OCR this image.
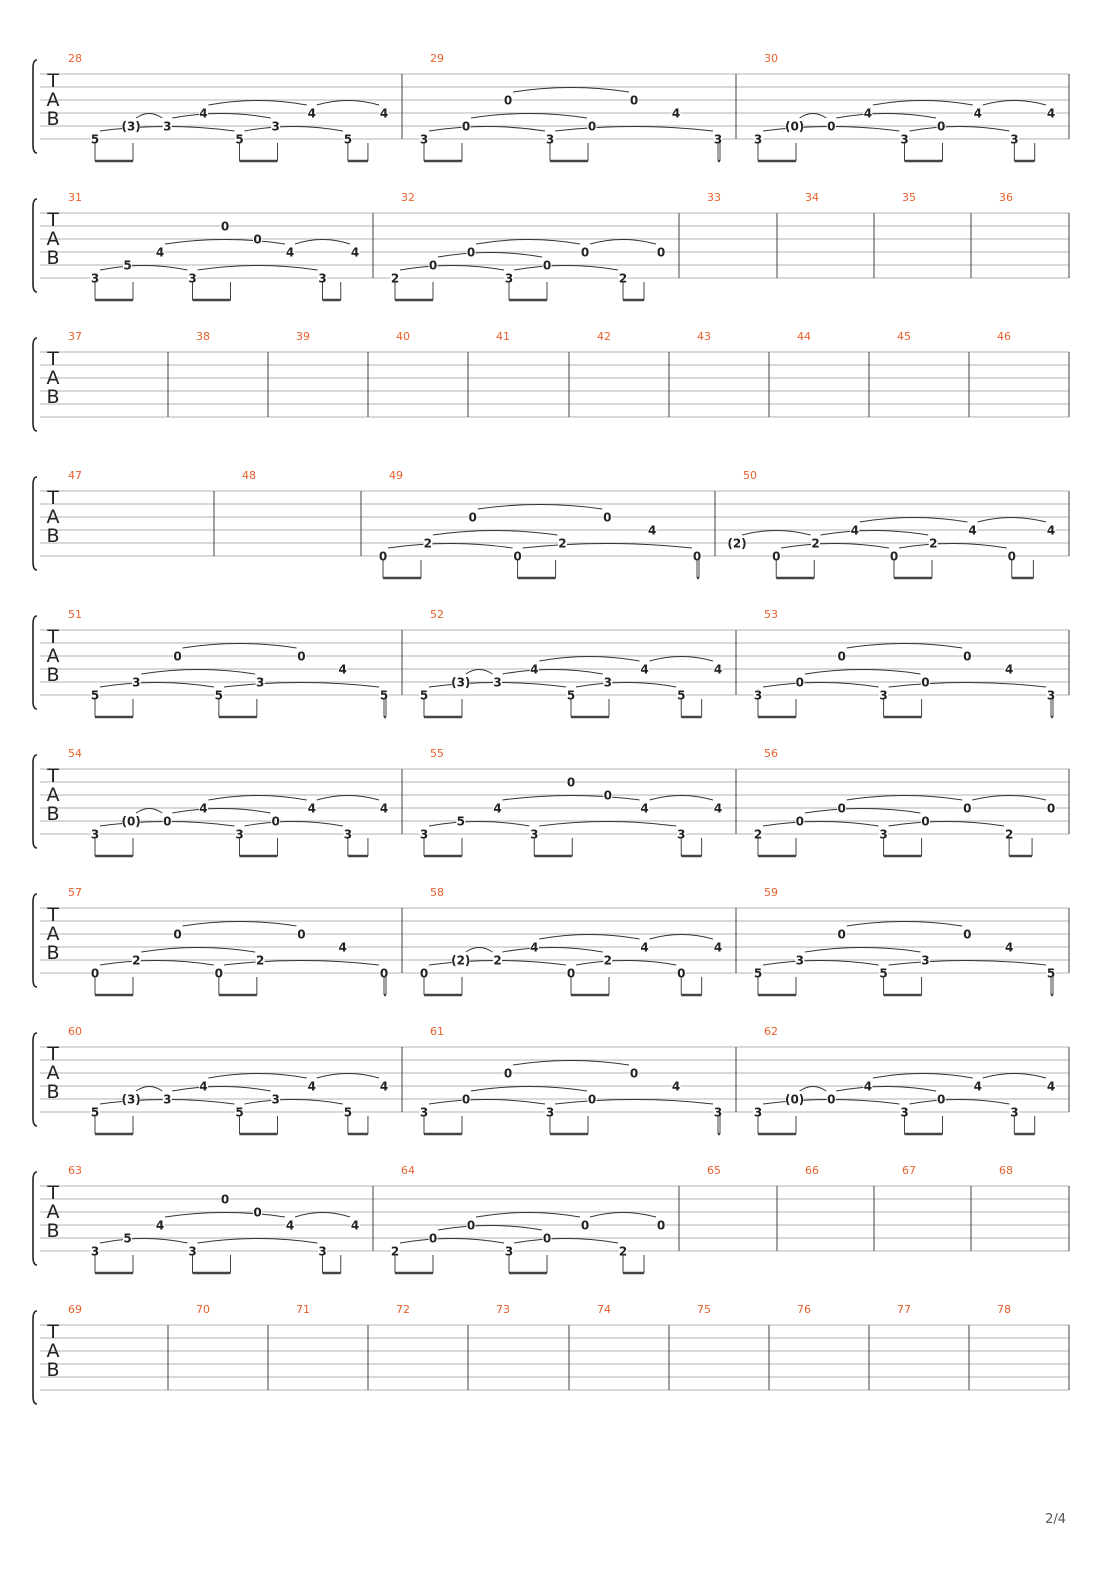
T
A
B
28
5
(3) 3
4
5
3
4
5
4
29
3
0
0
3
0
0
4
3
30
3
(0) 0
4
3
0
4
3
4
T
A
B
31
3
5
4
3
0
0
4
3
4
32
2
0
0
3
0
0
2
0
33	34	35	36
T
A
B
37	38	39	40	41	42	43	44	45	46
T
A
B
47	48	49
0
2
0
0
2
0
4
0
50
(2)
0
2
4
0
2
4
0
4
T
A
B
51
5
3
0
5
3
0
4
5
52
5
(3) 3
4
5
3
4
5
4
53
3
0
0
3
0
0
4
3
T
A
B
54
3
(0) 0
4
3
0
4
3
4
55
3
5
4
3
0
0
4
3
4
56
2
0
0
3
0
0
2
0
T
A
B
57
0
2
0
0
2
0
4
0
58
0
(2) 2
4
0
2
4
0
4
59
5
3
0
5
3
0
4
5
T
A
B
60
5
(3) 3
4
5
3
4
5
4
61
3
0
0
3
0
0
4
3
62
3
(0) 0
4
3
0
4
3
4
T
A
B
63
3
5
4
3
0
0
4
3
4
64
2
0
0
3
0
0
2
0
65	66	67	68
T
A
B
69	70	71	72	73	74	75	76	77	78
2/4
